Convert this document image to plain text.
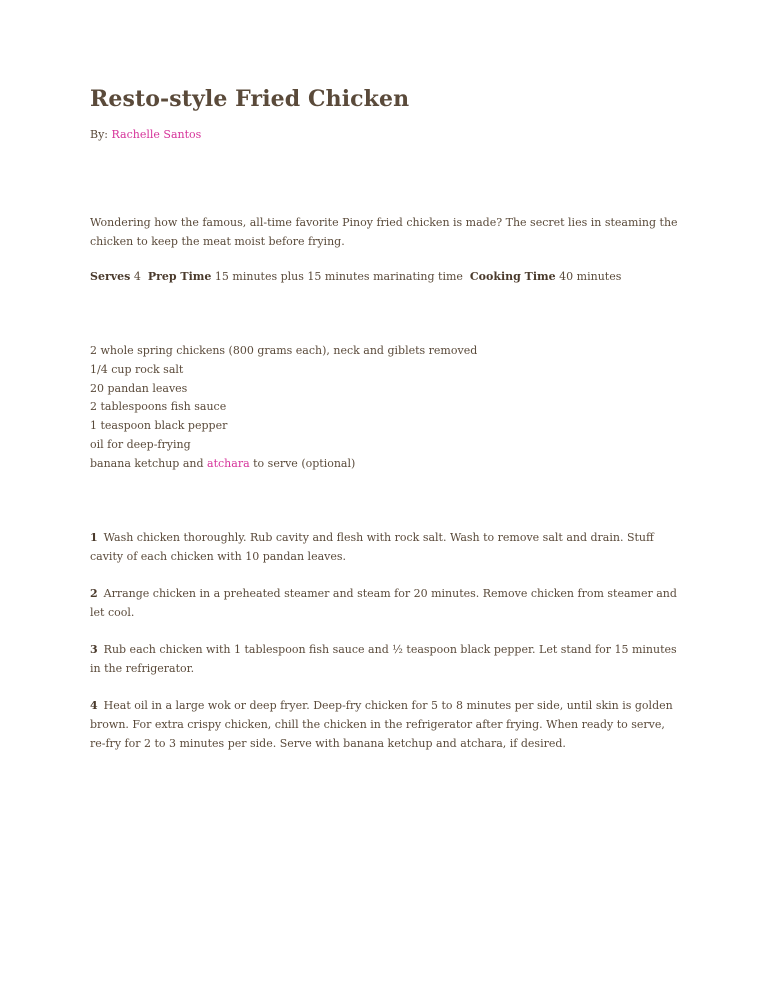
Resto-style Fried Chicken
By: Rachelle Santos

Wondering how the famous, all-time favorite Pinoy fried chicken is made? The secret lies in steaming the chicken to keep the meat moist before frying.

Serves 4 Prep Time 15 minutes plus 15 minutes marinating time Cooking Time 40 minutes
2 whole spring chickens (800 grams each), neck and giblets removed
1/4 cup rock salt
20 pandan leaves
2 tablespoons fish sauce
1 teaspoon black pepper
oil for deep-frying
banana ketchup and atchara to serve (optional)
1 Wash chicken thoroughly. Rub cavity and flesh with rock salt. Wash to remove salt and drain. Stuff cavity of each chicken with 10 pandan leaves.
2 Arrange chicken in a preheated steamer and steam for 20 minutes. Remove chicken from steamer and let cool.
3 Rub each chicken with 1 tablespoon fish sauce and ½ teaspoon black pepper. Let stand for 15 minutes in the refrigerator.
4 Heat oil in a large wok or deep fryer. Deep-fry chicken for 5 to 8 minutes per side, until skin is golden brown. For extra crispy chicken, chill the chicken in the refrigerator after frying. When ready to serve, re-fry for 2 to 3 minutes per side. Serve with banana ketchup and atchara, if desired.
